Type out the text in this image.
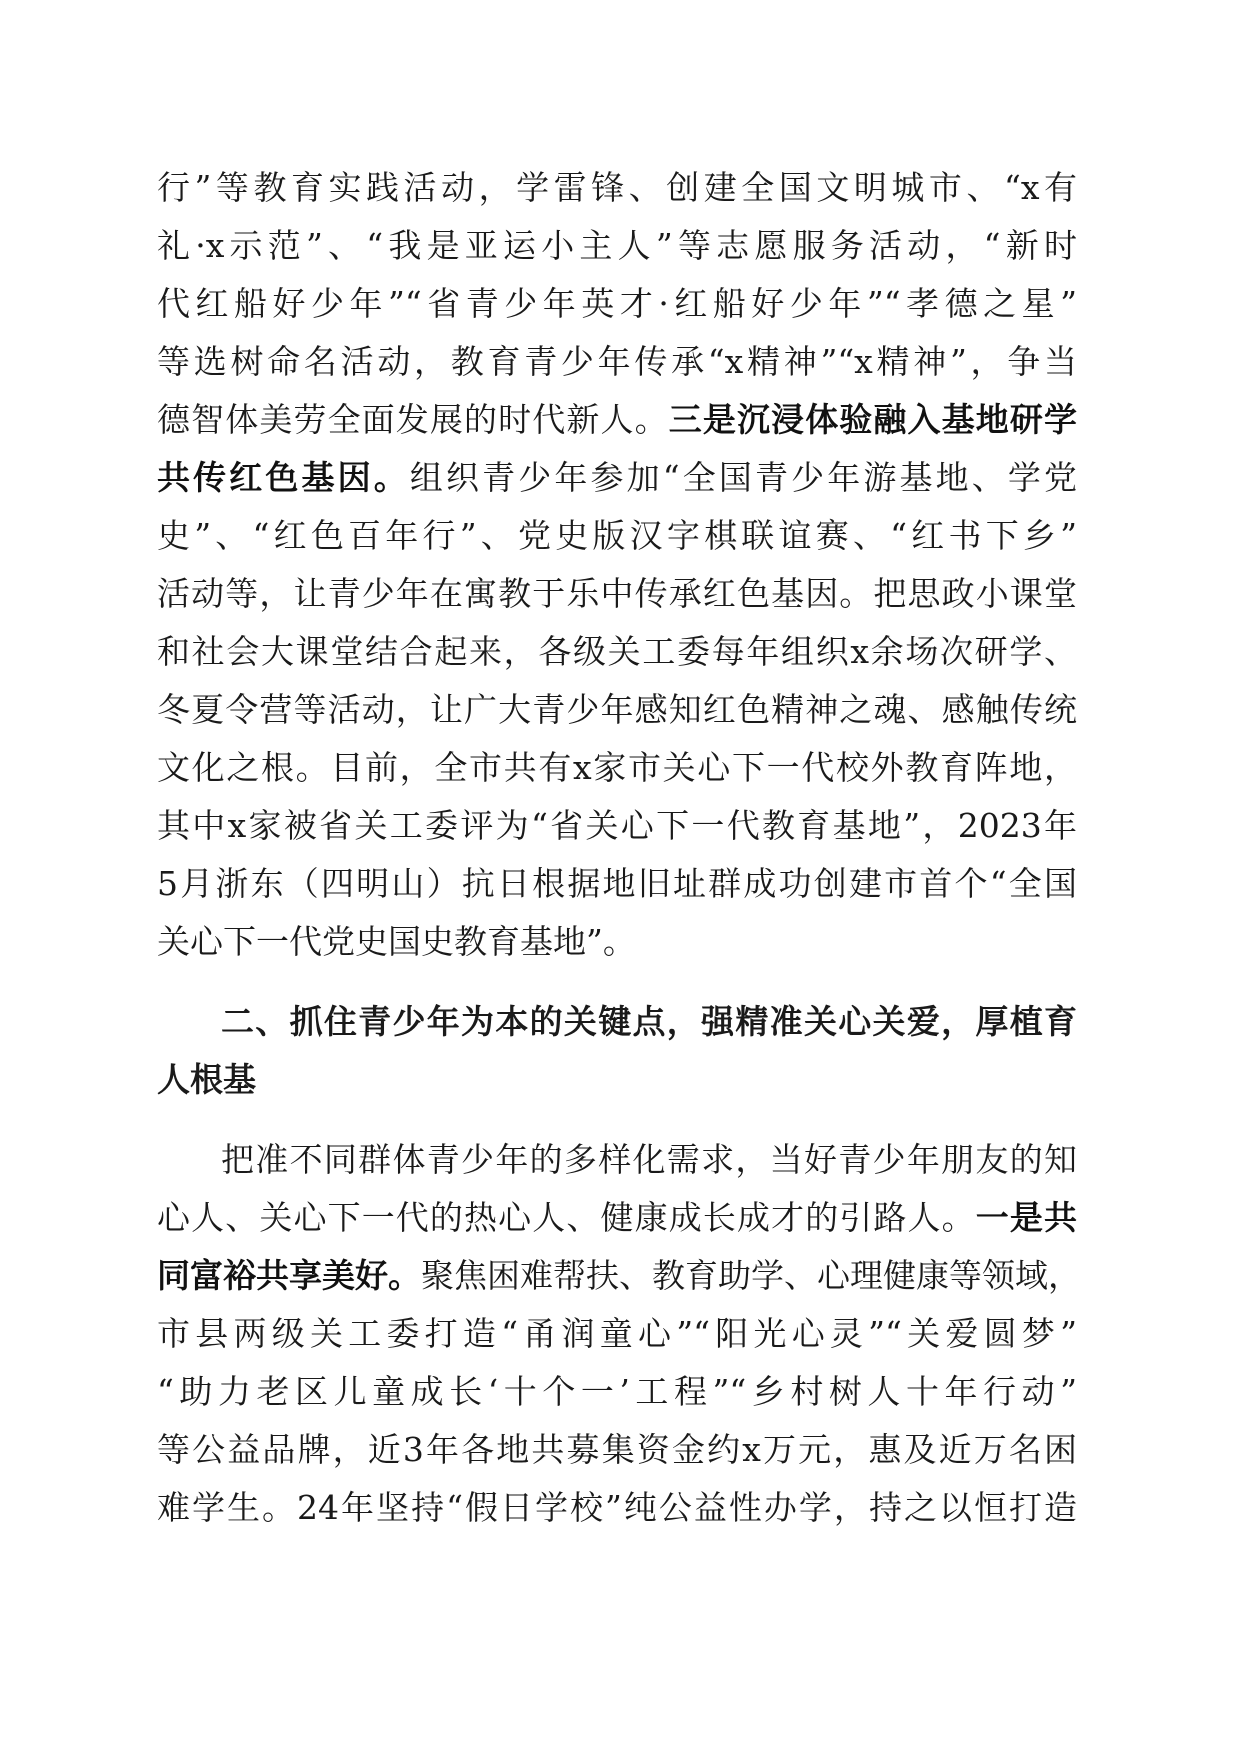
行”等教育实践活动，学雷锋、创建全国文明城市、“x有
礼·x示范”、“我是亚运小主人”等志愿服务活动，“新时
代红船好少年”“省青少年英才·红船好少年”“孝德之星”
等选树命名活动，教育青少年传承“x精神”“x精神”，争当
德智体美劳全面发展的时代新人。三是沉浸体验融入基地研学
共传红色基因。组织青少年参加“全国青少年游基地、学党
史”、“红色百年行”、党史版汉字棋联谊赛、“红书下乡”
活动等，让青少年在寓教于乐中传承红色基因。把思政小课堂
和社会大课堂结合起来，各级关工委每年组织x余场次研学、
冬夏令营等活动，让广大青少年感知红色精神之魂、感触传统
文化之根。目前，全市共有x家市关心下一代校外教育阵地，
其中x家被省关工委评为“省关心下一代教育基地”，2023年
5月浙东（四明山）抗日根据地旧址群成功创建市首个“全国
关心下一代党史国史教育基地”。
二、抓住青少年为本的关键点，强精准关心关爱，厚植育
人根基
把准不同群体青少年的多样化需求，当好青少年朋友的知
心人、关心下一代的热心人、健康成长成才的引路人。一是共
同富裕共享美好。聚焦困难帮扶、教育助学、心理健康等领域，
市县两级关工委打造“甬润童心”“阳光心灵”“关爱圆梦”
“助力老区儿童成长‘十个一’工程”“乡村树人十年行动”
等公益品牌，近3年各地共募集资金约x万元，惠及近万名困
难学生。24年坚持“假日学校”纯公益性办学，持之以恒打造
